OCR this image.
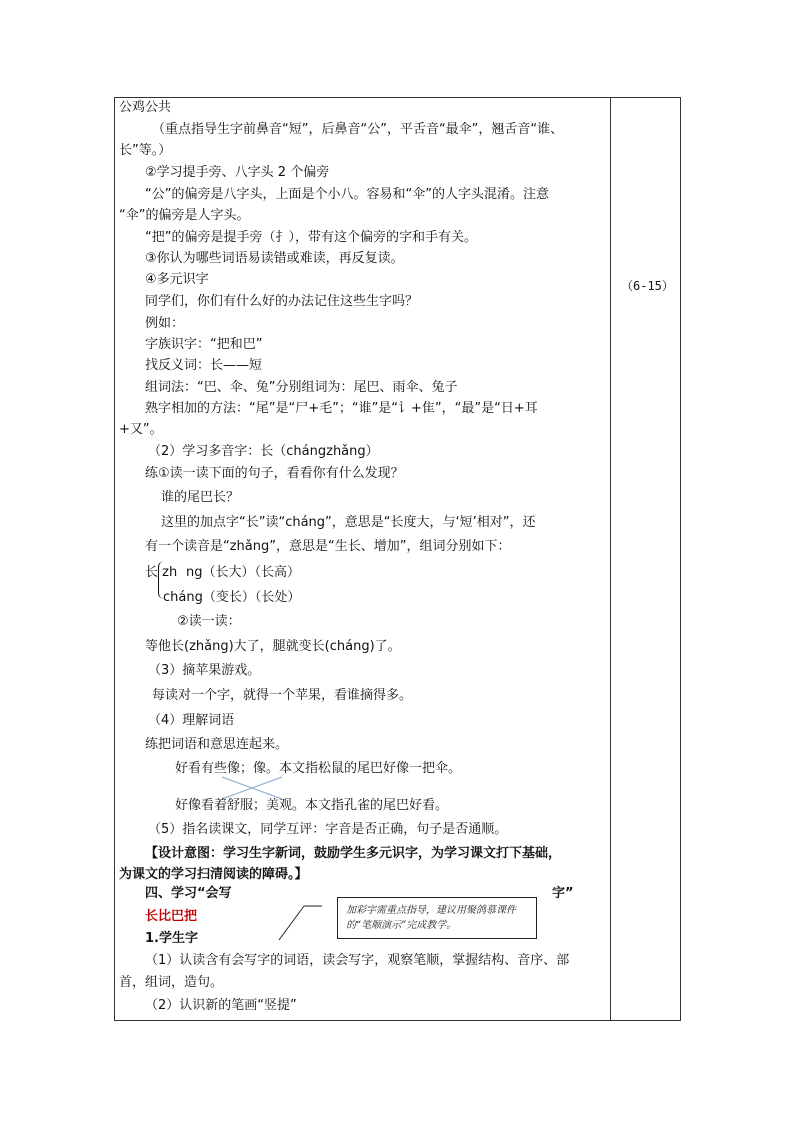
（6-15）
公鸡公共
（重点指导生字前鼻音“短”，后鼻音“公”，平舌音“最伞”，翘舌音“谁、
长”等。）
②学习提手旁、八字头 2 个偏旁
“公”的偏旁是八字头，上面是个小八。容易和“伞”的人字头混淆。注意
“伞”的偏旁是人字头。
“把”的偏旁是提手旁（扌），带有这个偏旁的字和手有关。
③你认为哪些词语易读错或难读，再反复读。
④多元识字
同学们，你们有什么好的办法记住这些生字吗？
例如：
字族识字：“把和巴”
找反义词：长——短
组词法：“巴、伞、兔”分别组词为：尾巴、雨伞、兔子
熟字相加的方法：“尾”是“尸+毛”；“谁”是“讠+隹”，“最”是“日+耳
+又”。
（2）学习多音字：长（chángzhǎng）
练①读一读下面的句子，看看你有什么发现？
谁的尾巴长？
这里的加点字“长”读“cháng”，意思是“长度大，与‘短’相对”，还
有一个读音是“zhǎng”，意思是“生长、增加”，组词分别如下：
长 zh ng（长大）（长高）
cháng（变长）（长处）
②读一读：
等他长(zhǎng)大了，腿就变长(cháng)了。
（3）摘苹果游戏。
每读对一个字，就得一个苹果，看谁摘得多。
（4）理解词语
练把词语和意思连起来。
好看有些像；像。本文指松鼠的尾巴好像一把伞。
好像看着舒服；美观。本文指孔雀的尾巴好看。
（5）指名读课文，同学互评：字音是否正确，句子是否通顺。
【设计意图：学习生字新词，鼓励学生多元识字，为学习课文打下基础，
为课文的学习扫清阅读的障碍。】
四、学习“会写	字”
长比巴把
1.学生字
（1）认读含有会写字的词语，读会写字，观察笔顺，掌握结构、音序、部
首，组词，造句。
（2）认识新的笔画“竖提”
加彩字需重点指导，建议用聚鸽慕课件的“笔顺演示”完成教学。
